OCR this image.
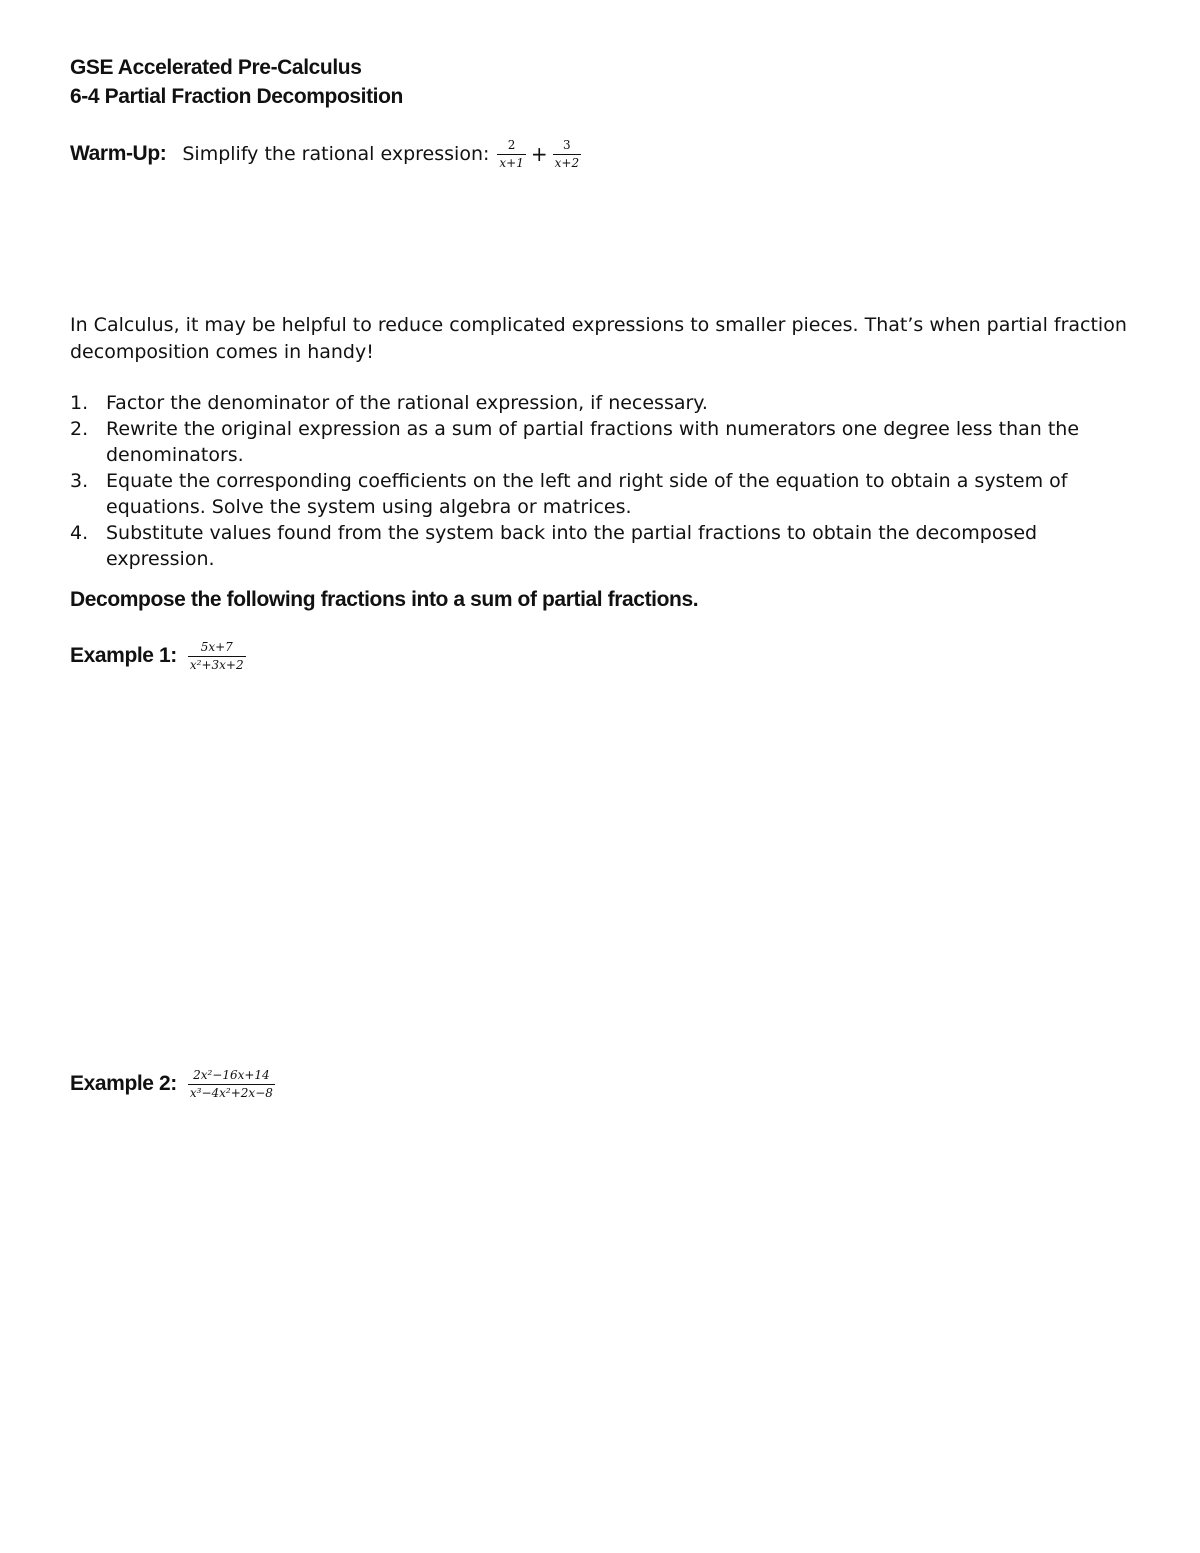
GSE Accelerated Pre-Calculus
6-4 Partial Fraction Decomposition
Warm-Up: Simplify the rational expression: $\frac{2}{x+1} + \frac{3}{x+2}$
In Calculus, it may be helpful to reduce complicated expressions to smaller pieces. That’s when partial fraction decomposition comes in handy!
1. Factor the denominator of the rational expression, if necessary.
2. Rewrite the original expression as a sum of partial fractions with numerators one degree less than the denominators.
3. Equate the corresponding coefficients on the left and right side of the equation to obtain a system of equations. Solve the system using algebra or matrices.
4. Substitute values found from the system back into the partial fractions to obtain the decomposed expression.
Decompose the following fractions into a sum of partial fractions.
Example 1: $\frac{5x+7}{\text{x²+3x+2}}$
Example 2: $\frac{\text{2x²−16x+14}}{\text{x³−4x²+2x−8}}$
